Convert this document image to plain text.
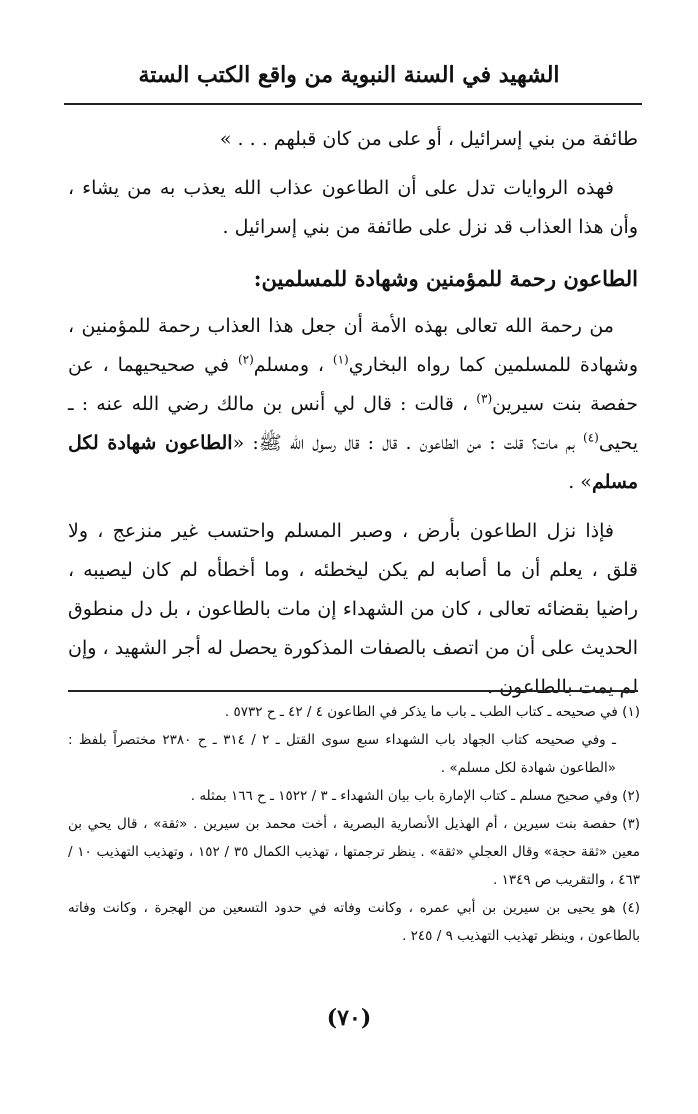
الشهيد في السنة النبوية من واقع الكتب الستة

طائفة من بني إسرائيل ، أو على من كان قبلهم . . . »

فهذه الروايات تدل على أن الطاعون عذاب الله يعذب به من يشاء ، وأن هذا العذاب قد نزل على طائفة من بني إسرائيل .

الطاعون رحمة للمؤمنين وشهادة للمسلمين:

من رحمة الله تعالى بهذه الأمة أن جعل هذا العذاب رحمة للمؤمنين ، وشهادة للمسلمين كما رواه البخاري$^{(١)}$ ، ومسلم$^{(٢)}$ في صحيحيهما ، عن حفصة بنت سيرين$^{(٣)}$ ، قالت : قال لي أنس بن مالك رضي الله عنه : ـ يحيى$^{(٤)}$ بم مات؟ قلت : من الطاعون . قال : قال رسول الله ﷺ: «الطاعون شهادة لكل مسلم» .

فإذا نزل الطاعون بأرض ، وصبر المسلم واحتسب غير منزعج ، ولا قلق ، يعلم أن ما أصابه لم يكن ليخطئه ، وما أخطأه لم كان ليصيبه ، راضيا بقضائه تعالى ، كان من الشهداء إن مات بالطاعون ، بل دل منطوق الحديث على أن من اتصف بالصفات المذكورة يحصل له أجر الشهيد ، وإن لم يمت بالطاعون .

(١) في صحيحه ـ كتاب الطب ـ باب ما يذكر في الطاعون ٤ / ٤٢ ـ ح ٥٧٣٢ .

ـ وفي صحيحه كتاب الجهاد باب الشهداء سبع سوى القتل ـ ٢ / ٣١٤ ـ ح ٢٣٨٠ مختصراً بلفظ : «الطاعون شهادة لكل مسلم» .

(٢) وفي صحيح مسلم ـ كتاب الإمارة باب بيان الشهداء ـ ٣ / ١٥٢٢ ـ ح ١٦٦ بمثله .

(٣) حفصة بنت سيرين ، أم الهذيل الأنصارية البصرية ، أخت محمد بن سيرين . «ثقة» ، قال يحي بن معين «ثقة حجة» وقال العجلي «ثقة» . ينظر ترجمتها ، تهذيب الكمال ٣٥ / ١٥٢ ، وتهذيب التهذيب ١٠ / ٤٦٣ ، والتقريب ص ١٣٤٩ .

(٤) هو يحيى بن سيرين بن أبي عمره ، وكانت وفاته في حدود التسعين من الهجرة ، وكانت وفاته بالطاعون ، وينظر تهذيب التهذيب ٩ / ٢٤٥ .

(٧٠)
